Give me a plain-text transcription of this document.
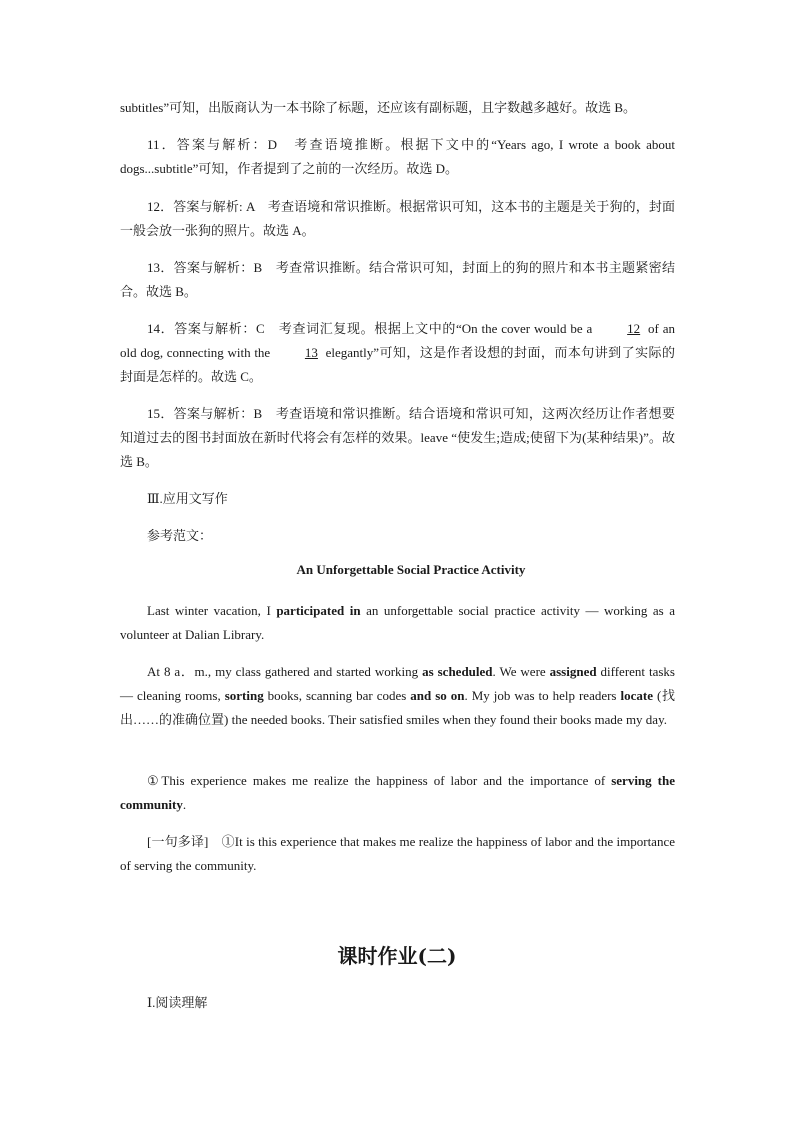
subtitles”可知，出版商认为一本书除了标题，还应该有副标题，且字数越多越好。故选 B。

11．答案与解析：D　考查语境推断。根据下文中的“Years ago, I wrote a book about dogs...subtitle”可知，作者提到了之前的一次经历。故选 D。

12．答案与解析: A　考查语境和常识推断。根据常识可知，这本书的主题是关于狗的，封面一般会放一张狗的照片。故选 A。

13．答案与解析：B　考查常识推断。结合常识可知，封面上的狗的照片和本书主题紧密结合。故选 B。

14．答案与解析：C　考查词汇复现。根据上文中的“On the cover would be a 12 of an old dog, connecting with the 13 elegantly”可知，这是作者设想的封面，而本句讲到了实际的封面是怎样的。故选 C。

15．答案与解析：B　考查语境和常识推断。结合语境和常识可知，这两次经历让作者想要知道过去的图书封面放在新时代将会有怎样的效果。leave “使发生;造成;使留下为(某种结果)”。故选 B。

Ⅲ.应用文写作

参考范文：

An Unforgettable Social Practice Activity

Last winter vacation, I participated in an unforgettable social practice activity — working as a volunteer at Dalian Library.

At 8 a．m., my class gathered and started working as scheduled. We were assigned different tasks — cleaning rooms, sorting books, scanning bar codes and so on. My job was to help readers locate (找出……的准确位置) the needed books. Their satisfied smiles when they found their books made my day.

①This experience makes me realize the happiness of labor and the importance of serving the community.

[一句多译]　①It is this experience that makes me realize the happiness of labor and the importance of serving the community.

课时作业(二)

Ⅰ.阅读理解
